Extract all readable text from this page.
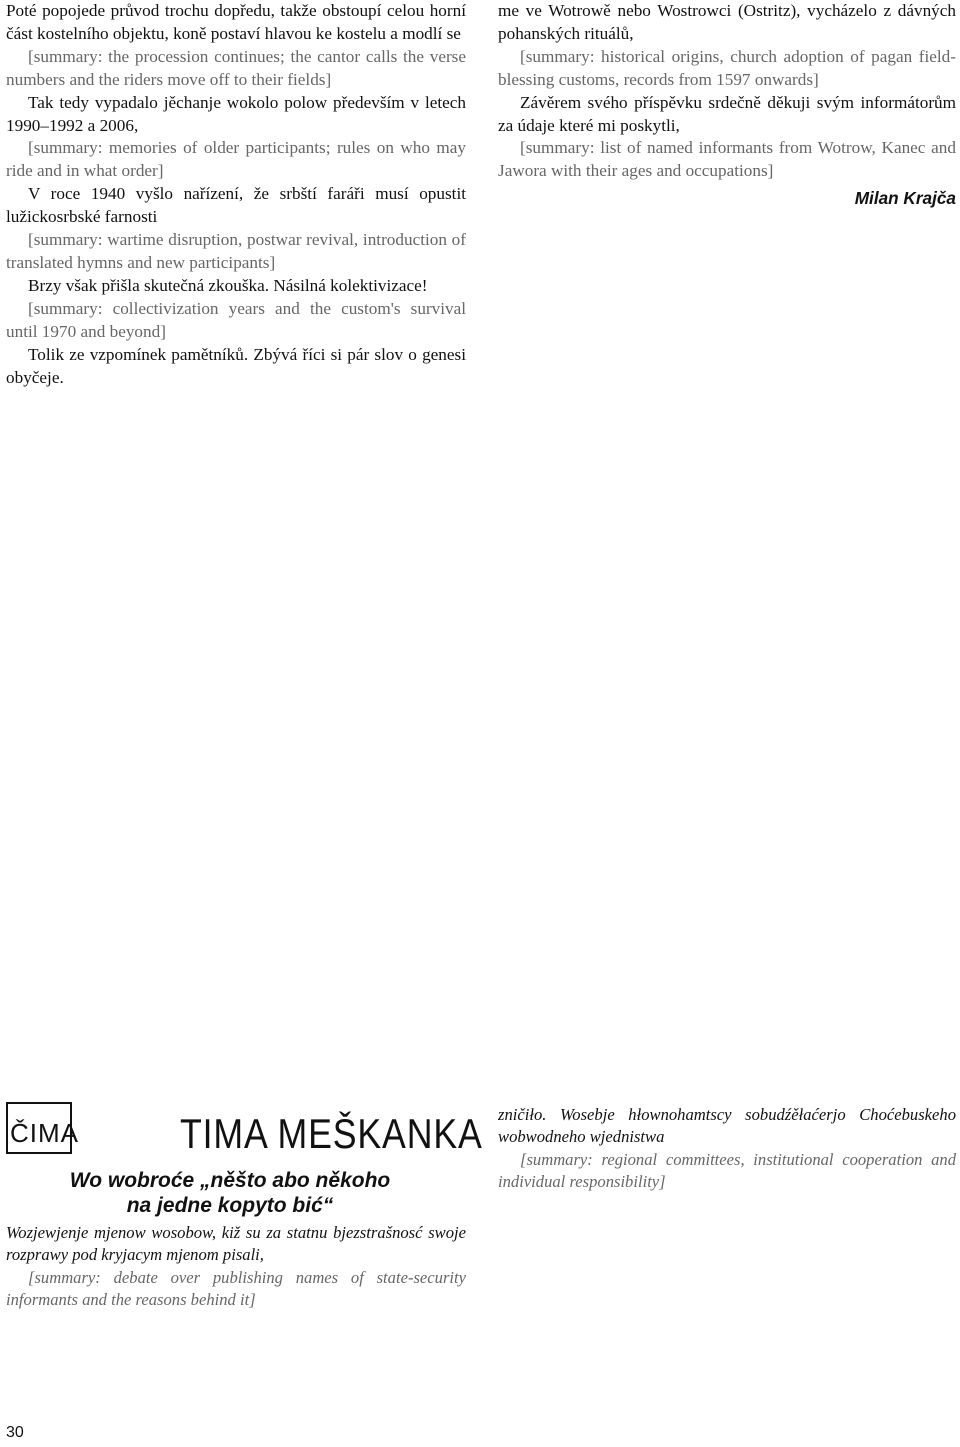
Poté popojede průvod trochu dopředu, takže obstoupí celou horní část kostelního objektu, koně postaví hlavou ke kostelu a modlí se

[summary: the procession continues; the cantor calls the verse numbers and the riders move off to their fields]

Tak tedy vypadalo jěchanje wokolo polow především v letech 1990–1992 a 2006,

[summary: memories of older participants; rules on who may ride and in what order]

V roce 1940 vyšlo nařízení, že srbští faráři musí opustit lužickosrbské farnosti

[summary: wartime disruption, postwar revival, introduction of translated hymns and new participants]

Brzy však přišla skutečná zkouška. Násilná kolektivizace!

[summary: collectivization years and the custom's survival until 1970 and beyond]

Tolik ze vzpomínek pamětníků. Zbývá říci si pár slov o genesi obyčeje.

me ve Wotrowě nebo Wostrowci (Ostritz), vycházelo z dávných pohanských rituálů,

[summary: historical origins, church adoption of pagan field-blessing customs, records from 1597 onwards]

Závěrem svého příspěvku srdečně děkuji svým informátorům za údaje které mi poskytli,

[summary: list of named informants from Wotrow, Kanec and Jawora with their ages and occupations]

Milan Krajča
ČIMA TIMA MEŠKANKA
Wo wobroće „něšto abo někoho na jedne kopyto bić“

Wozjewjenje mjenow wosobow, kiž su za statnu bjezstrašnosć swoje rozprawy pod kryjacym mjenom pisali,

[summary: debate over publishing names of state-security informants and the reasons behind it]

zničiło. Wosebje hłownohamtscy sobudźěłaćerjo Choćebuskeho wobwodneho wjednistwa

[summary: regional committees, institutional cooperation and individual responsibility]

30
